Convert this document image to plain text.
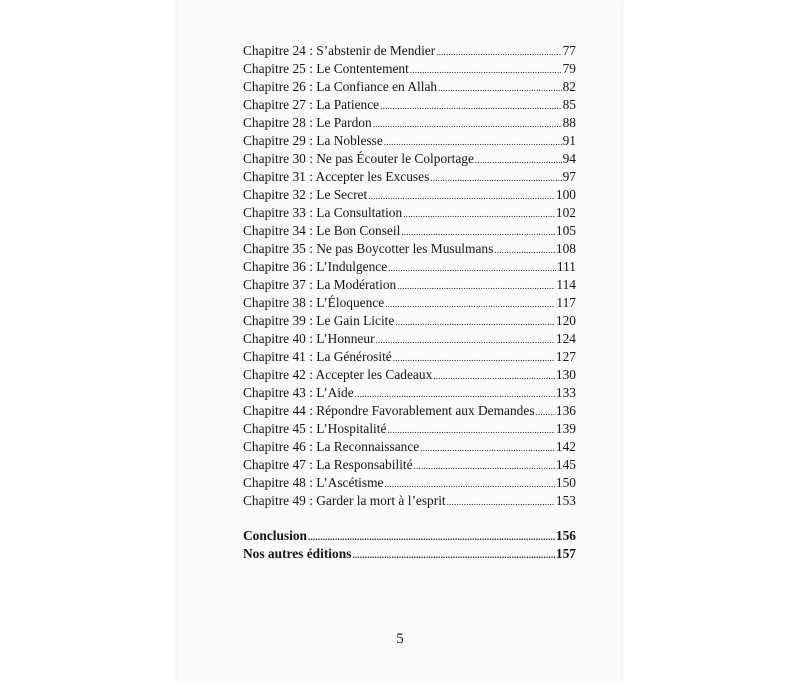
Chapitre 24 : S’abstenir de Mendier .....	77
Chapitre 25 : Le Contentement .....	79
Chapitre 26 : La Confiance en Allah .....	82
Chapitre 27 : La Patience .....	85
Chapitre 28 : Le Pardon .....	88
Chapitre 29 : La Noblesse .....	91
Chapitre 30 : Ne pas Écouter le Colportage .....	94
Chapitre 31 : Accepter les Excuses .....	97
Chapitre 32 : Le Secret .....	100
Chapitre 33 : La Consultation .....	102
Chapitre 34 : Le Bon Conseil .....	105
Chapitre 35 : Ne pas Boycotter les Musulmans .....	108
Chapitre 36 : L’Indulgence .....	111
Chapitre 37 : La Modération .....	114
Chapitre 38 : L’Éloquence .....	117
Chapitre 39 : Le Gain Licite .....	120
Chapitre 40 : L’Honneur .....	124
Chapitre 41 : La Générosité .....	127
Chapitre 42 : Accepter les Cadeaux .....	130
Chapitre 43 : L’Aide .....	133
Chapitre 44 : Répondre Favorablement aux Demandes ..... 136
Chapitre 45 : L’Hospitalité .....	139
Chapitre 46 : La Reconnaissance .....	142
Chapitre 47 : La Responsabilité .....	145
Chapitre 48 : L’Ascétisme .....	150
Chapitre 49 : Garder la mort à l’esprit .....	153
Conclusion .....	156
Nos autres éditions .....	157
5
